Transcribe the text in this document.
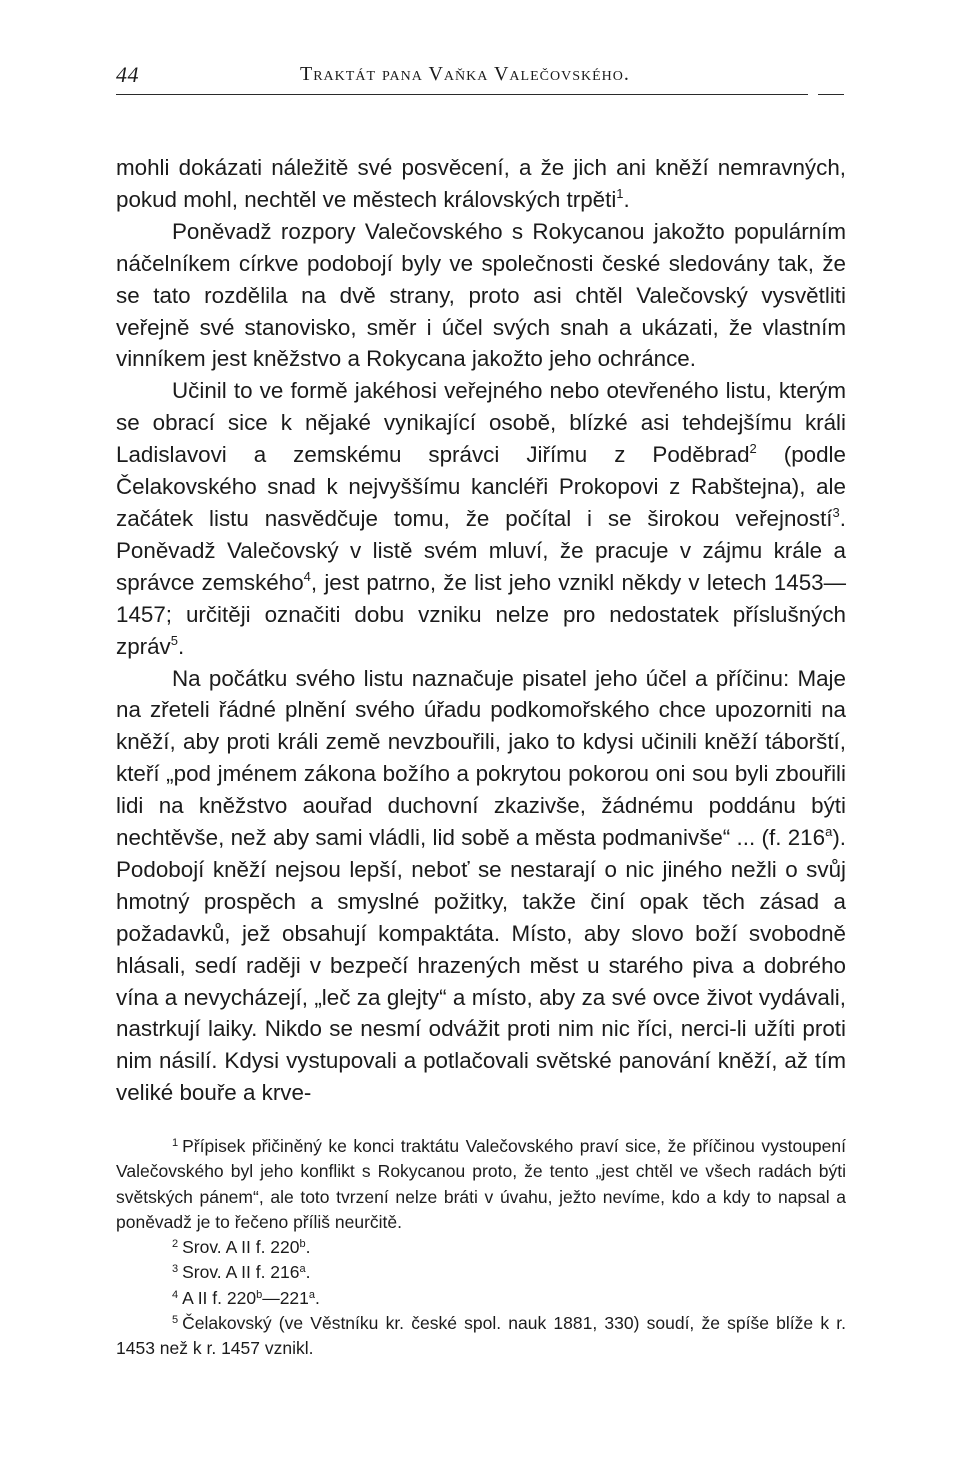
44	Traktát pana Vaňka Valečovského.

mohli dokázati náležitě své posvěcení, a že jich ani kněží nemravných, pokud mohl, nechtěl ve městech královských trpěti$^1$.

Poněvadž rozpory Valečovského s Rokycanou jakožto populárním náčelníkem církve podobojí byly ve společnosti české sledovány tak, že se tato rozdělila na dvě strany, proto asi chtěl Valečovský vysvětliti veřejně své stanovisko, směr i účel svých snah a ukázati, že vlastním vinníkem jest kněžstvo a Rokycana jakožto jeho ochránce.

Učinil to ve formě jakéhosi veřejného nebo otevřeného listu, kterým se obrací sice k nějaké vynikající osobě, blízké asi tehdejšímu králi Ladislavovi a zemskému správci Jiřímu z Poděbrad$^2$ (podle Čelakovského snad k nejvyššímu kancléři Prokopovi z Rabštejna), ale začátek listu nasvědčuje tomu, že počítal i se širokou veřejností$^3$. Poněvadž Valečovský v listě svém mluví, že pracuje v zájmu krále a správce zemského$^4$, jest patrno, že list jeho vznikl někdy v letech 1453—1457; určitěji označiti dobu vzniku nelze pro nedostatek příslušných zpráv$^5$.

Na počátku svého listu naznačuje pisatel jeho účel a příčinu: Maje na zřeteli řádné plnění svého úřadu podkomořského chce upozorniti na kněží, aby proti králi země nevzbouřili, jako to kdysi učinili kněží táborští, kteří „pod jménem zákona božího a pokrytou pokorou oni sou byli zbouřili lidi na kněžstvo aouřad duchovní zkazivše, žádnému poddánu býti nechtěvše, než aby sami vládli, lid sobě a města podmanivše“ ... (f. 216$^a$). Podobojí kněží nejsou lepší, neboť se nestarají o nic jiného nežli o svůj hmotný prospěch a smyslné požitky, takže činí opak těch zásad a požadavků, jež obsahují kompaktáta. Místo, aby slovo boží svobodně hlásali, sedí raději v bezpečí hrazených měst u starého piva a dobrého vína a nevycházejí, „leč za glejty“ a místo, aby za své ovce život vydávali, nastrkují laiky. Nikdo se nesmí odvážit proti nim nic říci, nerci-li užíti proti nim násilí. Kdysi vystupovali a potlačovali světské panování kněží, až tím veliké bouře a krve-

$^1$ Přípisek přičiněný ke konci traktátu Valečovského praví sice, že příčinou vystoupení Valečovského byl jeho konflikt s Rokycanou proto, že tento „jest chtěl ve všech radách býti světských pánem“, ale toto tvrzení nelze bráti v úvahu, ježto nevíme, kdo a kdy to napsal a poněvadž je to řečeno příliš neurčitě.

$^2$ Srov. A II f. 220$^b$.

$^3$ Srov. A II f. 216$^a$.

$^4$ A II f. 220$^b$—221$^a$.

$^5$ Čelakovský (ve Věstníku kr. české spol. nauk 1881, 330) soudí, že spíše blíže k r. 1453 než k r. 1457 vznikl.
